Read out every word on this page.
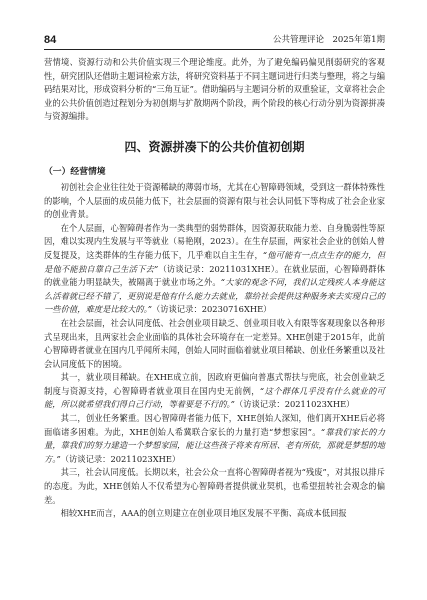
84	公共管理评论　2025年第1期

营情境、资源行动和公共价值实现三个理论维度。此外，为了避免编码偏见削弱研究的客观性，研究团队还借助主题词检索方法，将研究资料基于不同主题词进行归类与整理，将之与编码结果对比，形成资料分析的“三角互证”。借助编码与主题词分析的双重验证，文章将社会企业的公共价值创造过程划分为初创期与扩散期两个阶段，两个阶段的核心行动分别为资源拼凑与资源编排。

四、资源拼凑下的公共价值初创期
（一）经营情境

初创社会企业往往处于资源稀缺的薄弱市场，尤其在心智障碍领域，受到这一群体特殊性的影响，个人层面的成员能力低下，社会层面的资源有限与社会认同低下等构成了社会企业家的创业背景。

在个人层面，心智障碍者作为一类典型的弱势群体，因资源获取能力差、自身脆弱性等原因，难以实现内生发展与平等就业（易艳刚，2023）。在生存层面，两家社会企业的创始人曾反复提及，这类群体的生存能力低下，几乎难以自主生存，“他可能有一点点生存的能力，但是他不能独自靠自己生活下去”（访谈记录：20211031XHE）。在就业层面，心智障碍群体的就业能力明显缺失，被隔离于就业市场之外。“大家的观念不同，我们认定残疾人本身能这么活着就已经不错了，更别说是他有什么能力去就业，靠给社会提供这种服务来去实现自己的一些价值，难度是比较大的。”（访谈记录：20230716XHE）

在社会层面，社会认同度低、社会创业项目缺乏、创业项目收入有限等客观现象以各种形式呈现出来，且两家社会企业面临的具体社会环境存在一定差异。XHE创建于2015年，此前心智障碍者就业在国内几乎闻所未闻，创始人同时面临着就业项目稀缺、创业任务繁重以及社会认同度低下的困境。

其一，就业项目稀缺。在XHE成立前，因政府更偏向普惠式帮扶与兜底，社会创业缺乏制度与资源支持，心智障碍者就业项目在国内史无前例，“这个群体几乎没有什么就业的可能，所以就希望我们得自己行动，等着要是不行的。”（访谈记录：20211023XHE）

其二，创业任务繁重。因心智障碍者能力低下，XHE创始人深知，他们离开XHE后必将面临诸多困难。为此，XHE创始人希冀联合家长的力量打造“梦想家园”。“靠我们家长的力量，靠我们的努力建造一个梦想家园，能让这些孩子将来有所居、老有所依，那就是梦想的地方。”（访谈记录：20211023XHE）

其三，社会认同度低。长期以来，社会公众一直将心智障碍者视为“残废”，对其报以排斥的态度。为此，XHE创始人不仅希望为心智障碍者提供就业契机，也希望扭转社会观念的偏差。

相较XHE而言，AAA的创立则建立在创业项目地区发展不平衡、高成本低回报
